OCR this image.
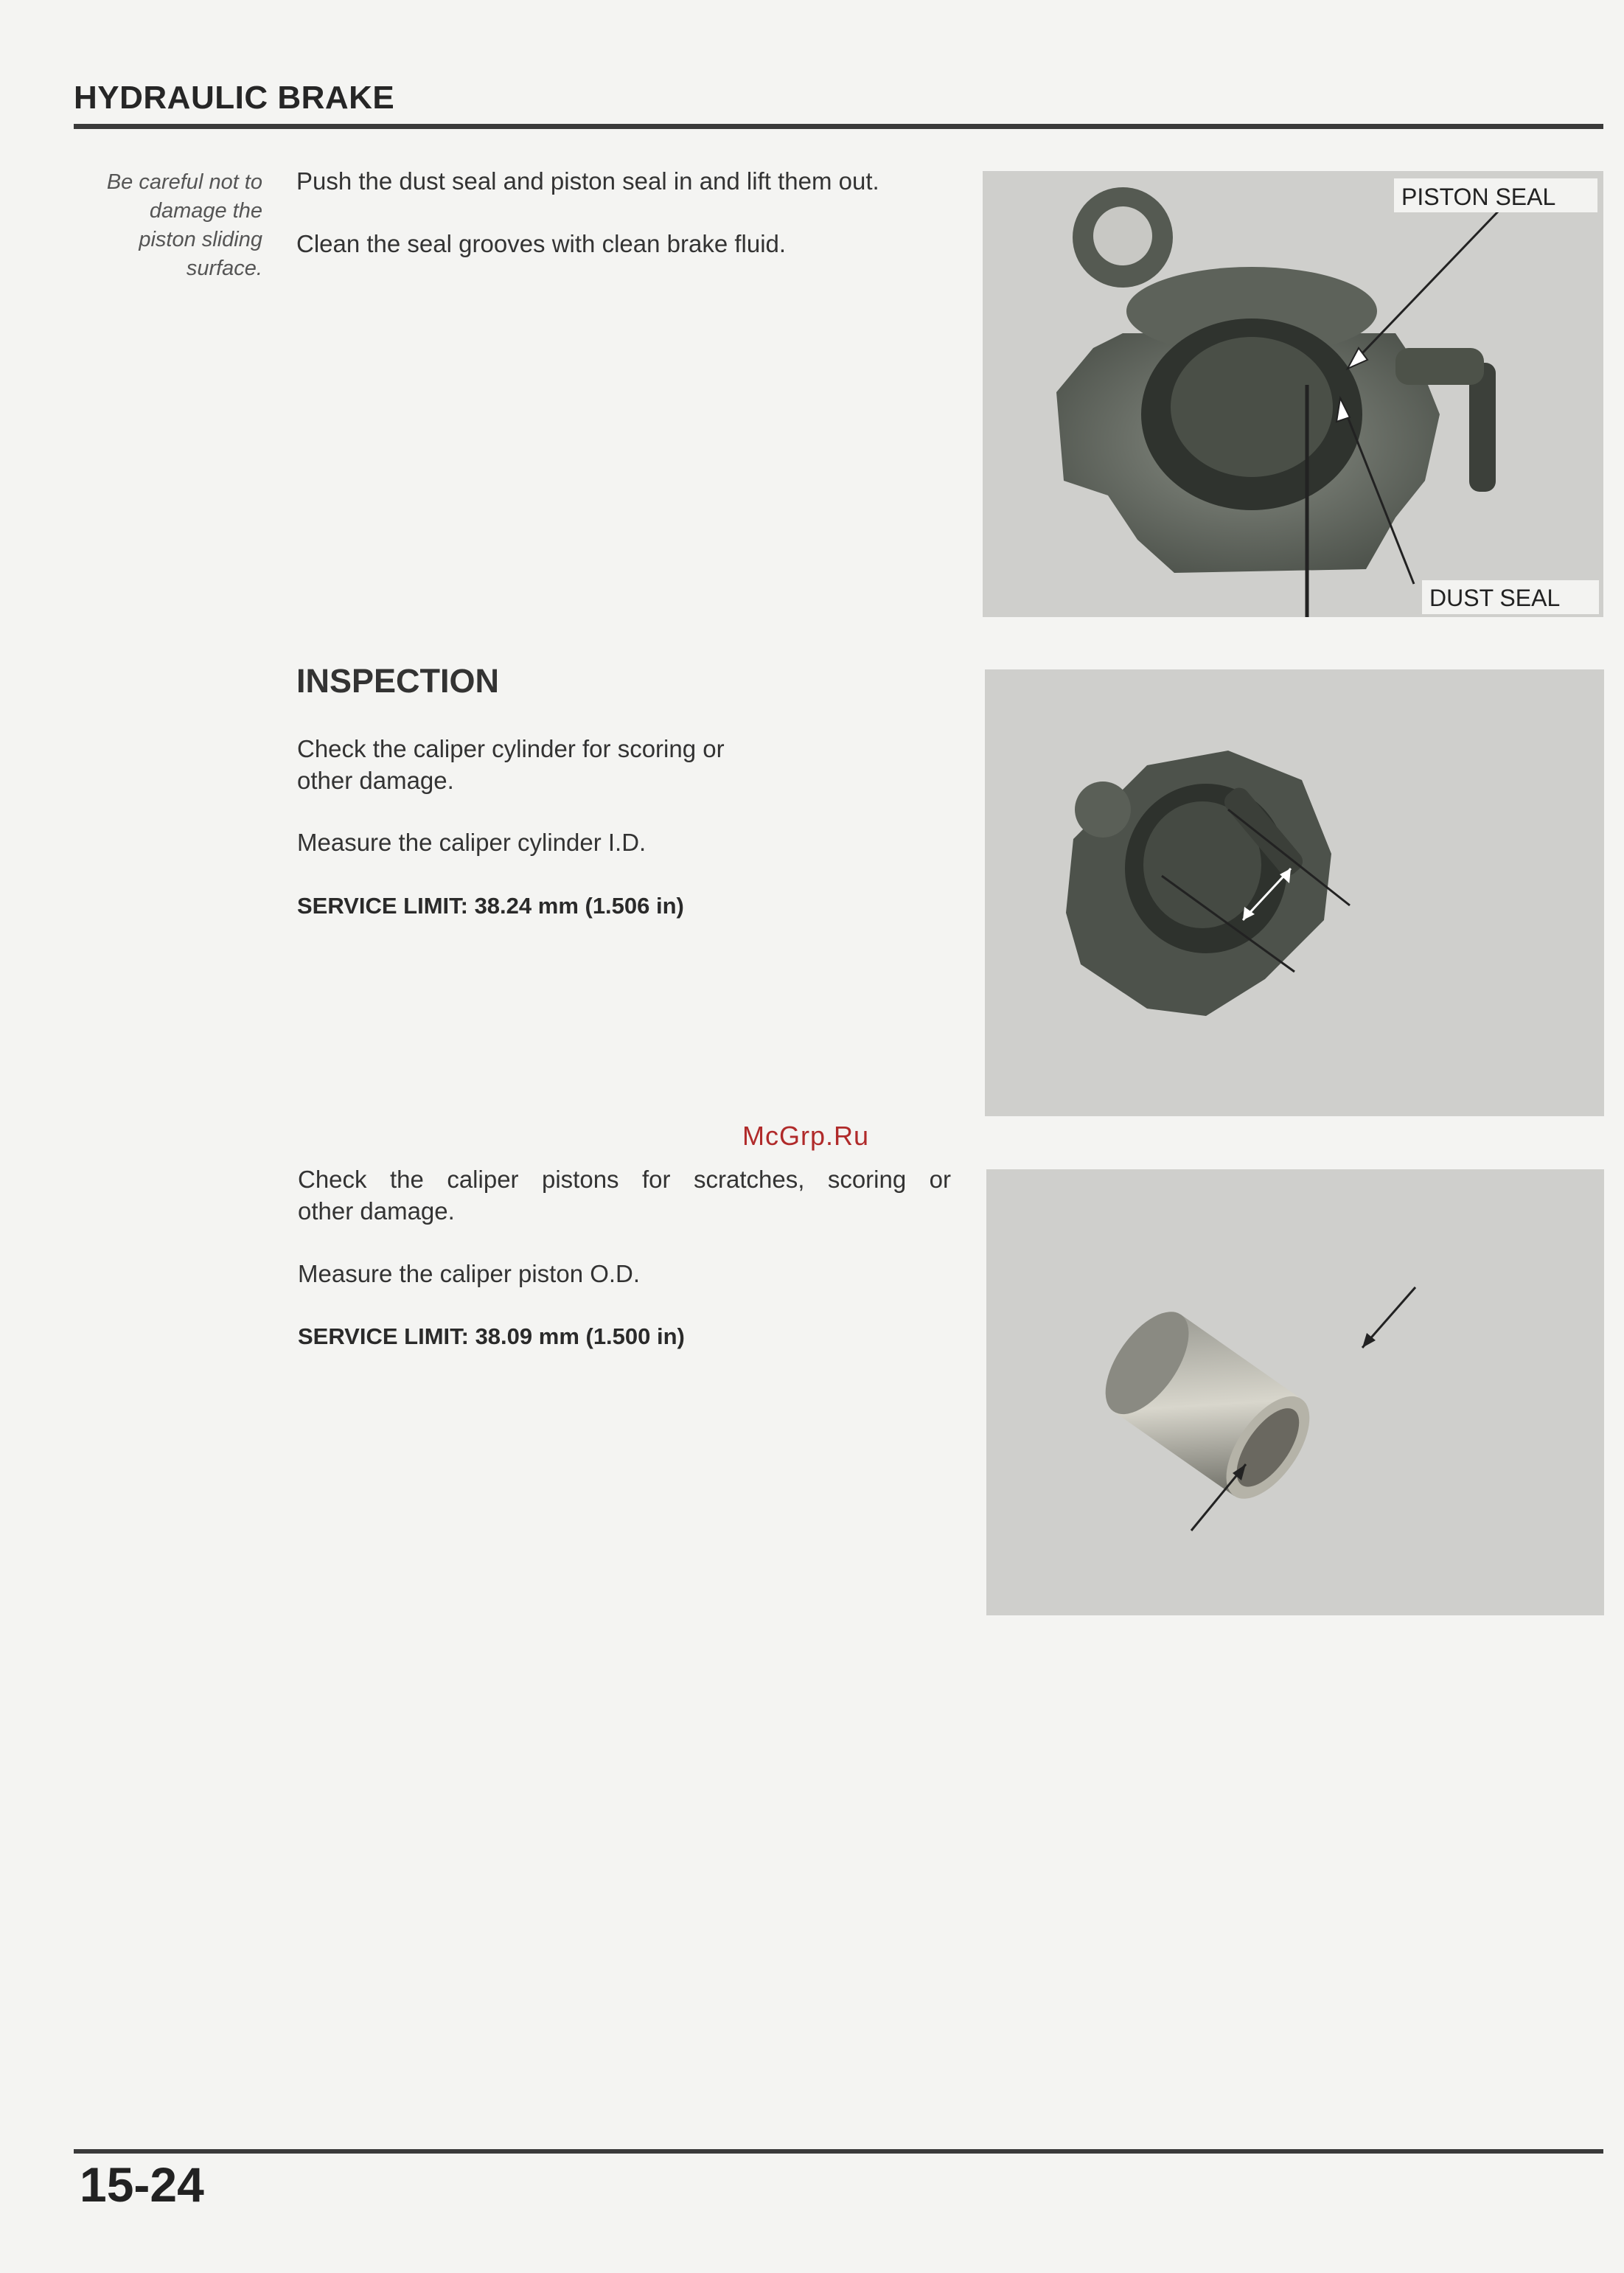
HYDRAULIC BRAKE
Be careful not to
damage the
piston sliding
surface.
Push the dust seal and piston seal in and lift them out.
Clean the seal grooves with clean brake fluid.
PISTON SEAL
DUST SEAL
INSPECTION
Check the caliper cylinder for scoring or
other damage.
Measure the caliper cylinder I.D.
SERVICE LIMIT: 38.24 mm (1.506 in)
McGrp.Ru
Check the caliper pistons for scratches, scoring or
other damage.
Measure the caliper piston O.D.
SERVICE LIMIT: 38.09 mm (1.500 in)
15-24
